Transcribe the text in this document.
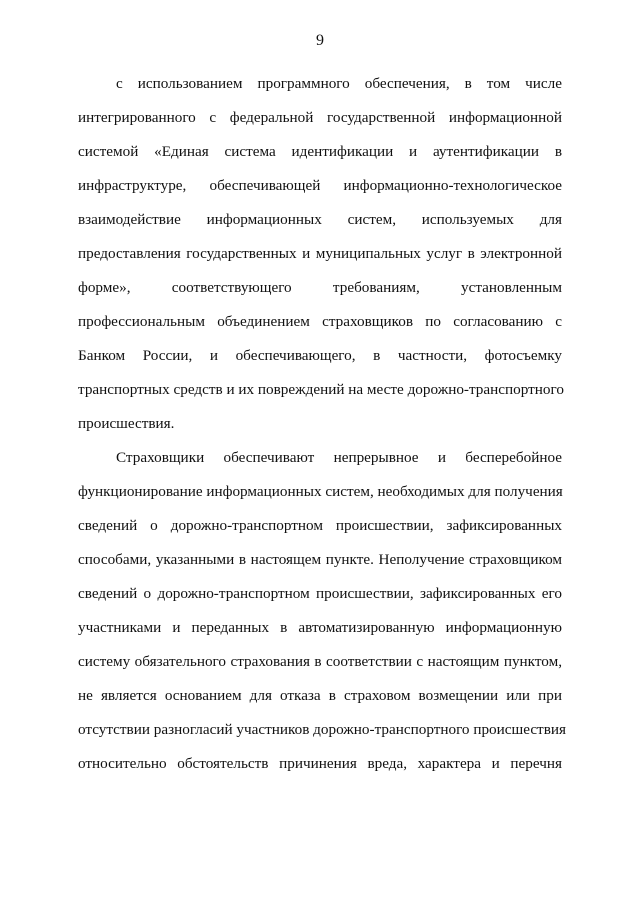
9
с использованием программного обеспечения, в том числе
интегрированного с федеральной государственной информационной
системой «Единая система идентификации и аутентификации в
инфраструктуре, обеспечивающей информационно-технологическое
взаимодействие информационных систем, используемых для
предоставления государственных и муниципальных услуг в электронной
форме», соответствующего требованиям, установленным
профессиональным объединением страховщиков по согласованию с
Банком России, и обеспечивающего, в частности, фотосъемку
транспортных средств и их повреждений на месте дорожно-транспортного
происшествия.
Страховщики обеспечивают непрерывное и бесперебойное
функционирование информационных систем, необходимых для получения
сведений о дорожно-транспортном происшествии, зафиксированных
способами, указанными в настоящем пункте. Неполучение страховщиком
сведений о дорожно-транспортном происшествии, зафиксированных его
участниками и переданных в автоматизированную информационную
систему обязательного страхования в соответствии с настоящим пунктом,
не является основанием для отказа в страховом возмещении или при
отсутствии разногласий участников дорожно-транспортного происшествия
относительно обстоятельств причинения вреда, характера и перечня
